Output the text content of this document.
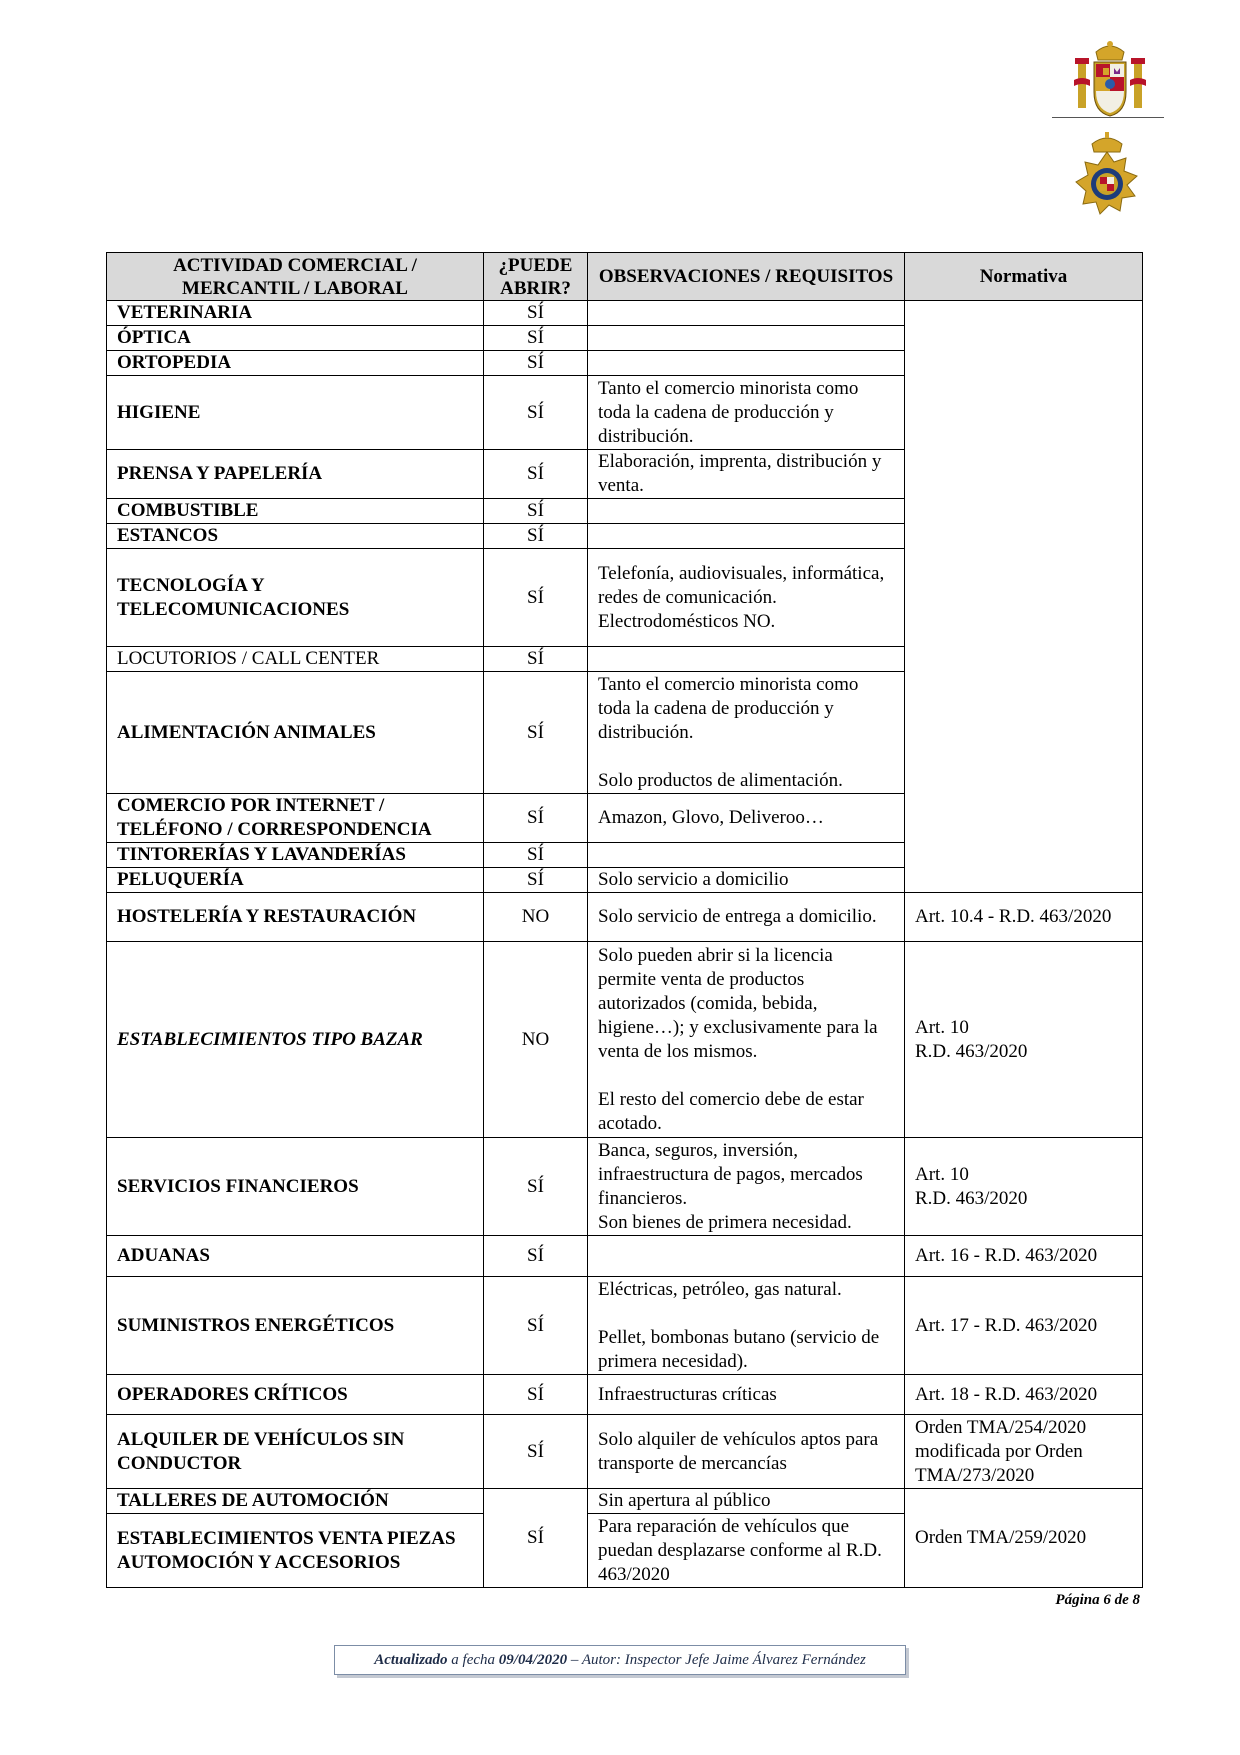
ACTIVIDAD COMERCIAL / MERCANTIL / LABORAL	¿PUEDE ABRIR?	OBSERVACIONES / REQUISITOS	Normativa
VETERINARIA	SÍ		
ÓPTICA	SÍ		
ORTOPEDIA	SÍ		
HIGIENE	SÍ	Tanto el comercio minorista como toda la cadena de producción y distribución.	
PRENSA Y PAPELERÍA	SÍ	Elaboración, imprenta, distribución y venta.	
COMBUSTIBLE	SÍ		
ESTANCOS	SÍ		
TECNOLOGÍA Y TELECOMUNICACIONES	SÍ	Telefonía, audiovisuales, informática, redes de comunicación.
Electrodomésticos NO.	
LOCUTORIOS / CALL CENTER	SÍ		
ALIMENTACIÓN ANIMALES	SÍ	Tanto el comercio minorista como toda la cadena de producción y distribución.

Solo productos de alimentación.	
COMERCIO POR INTERNET / TELÉFONO / CORRESPONDENCIA	SÍ	Amazon, Glovo, Deliveroo…	
TINTORERÍAS Y LAVANDERÍAS	SÍ		
PELUQUERÍA	SÍ	Solo servicio a domicilio	
HOSTELERÍA Y RESTAURACIÓN	NO	Solo servicio de entrega a domicilio.	Art. 10.4 - R.D. 463/2020
ESTABLECIMIENTOS TIPO BAZAR	NO	Solo pueden abrir si la licencia permite venta de productos autorizados (comida, bebida, higiene…); y exclusivamente para la venta de los mismos.

El resto del comercio debe de estar acotado.	Art. 10
R.D. 463/2020
SERVICIOS FINANCIEROS	SÍ	Banca, seguros, inversión, infraestructura de pagos, mercados financieros.
Son bienes de primera necesidad.	Art. 10
R.D. 463/2020
ADUANAS	SÍ		Art. 16 - R.D. 463/2020
SUMINISTROS ENERGÉTICOS	SÍ	Eléctricas, petróleo, gas natural.

Pellet, bombonas butano (servicio de primera necesidad).	Art. 17 - R.D. 463/2020
OPERADORES CRÍTICOS	SÍ	Infraestructuras críticas	Art. 18 - R.D. 463/2020
ALQUILER DE VEHÍCULOS SIN CONDUCTOR	SÍ	Solo alquiler de vehículos aptos para transporte de mercancías	Orden TMA/254/2020 modificada por Orden TMA/273/2020
TALLERES DE AUTOMOCIÓN	SÍ	Sin apertura al público	Orden TMA/259/2020
ESTABLECIMIENTOS VENTA PIEZAS AUTOMOCIÓN Y ACCESORIOS		Para reparación de vehículos que puedan desplazarse conforme al R.D. 463/2020	
Página 6 de 8
Actualizado a fecha 09/04/2020 – Autor: Inspector Jefe Jaime Álvarez Fernández
